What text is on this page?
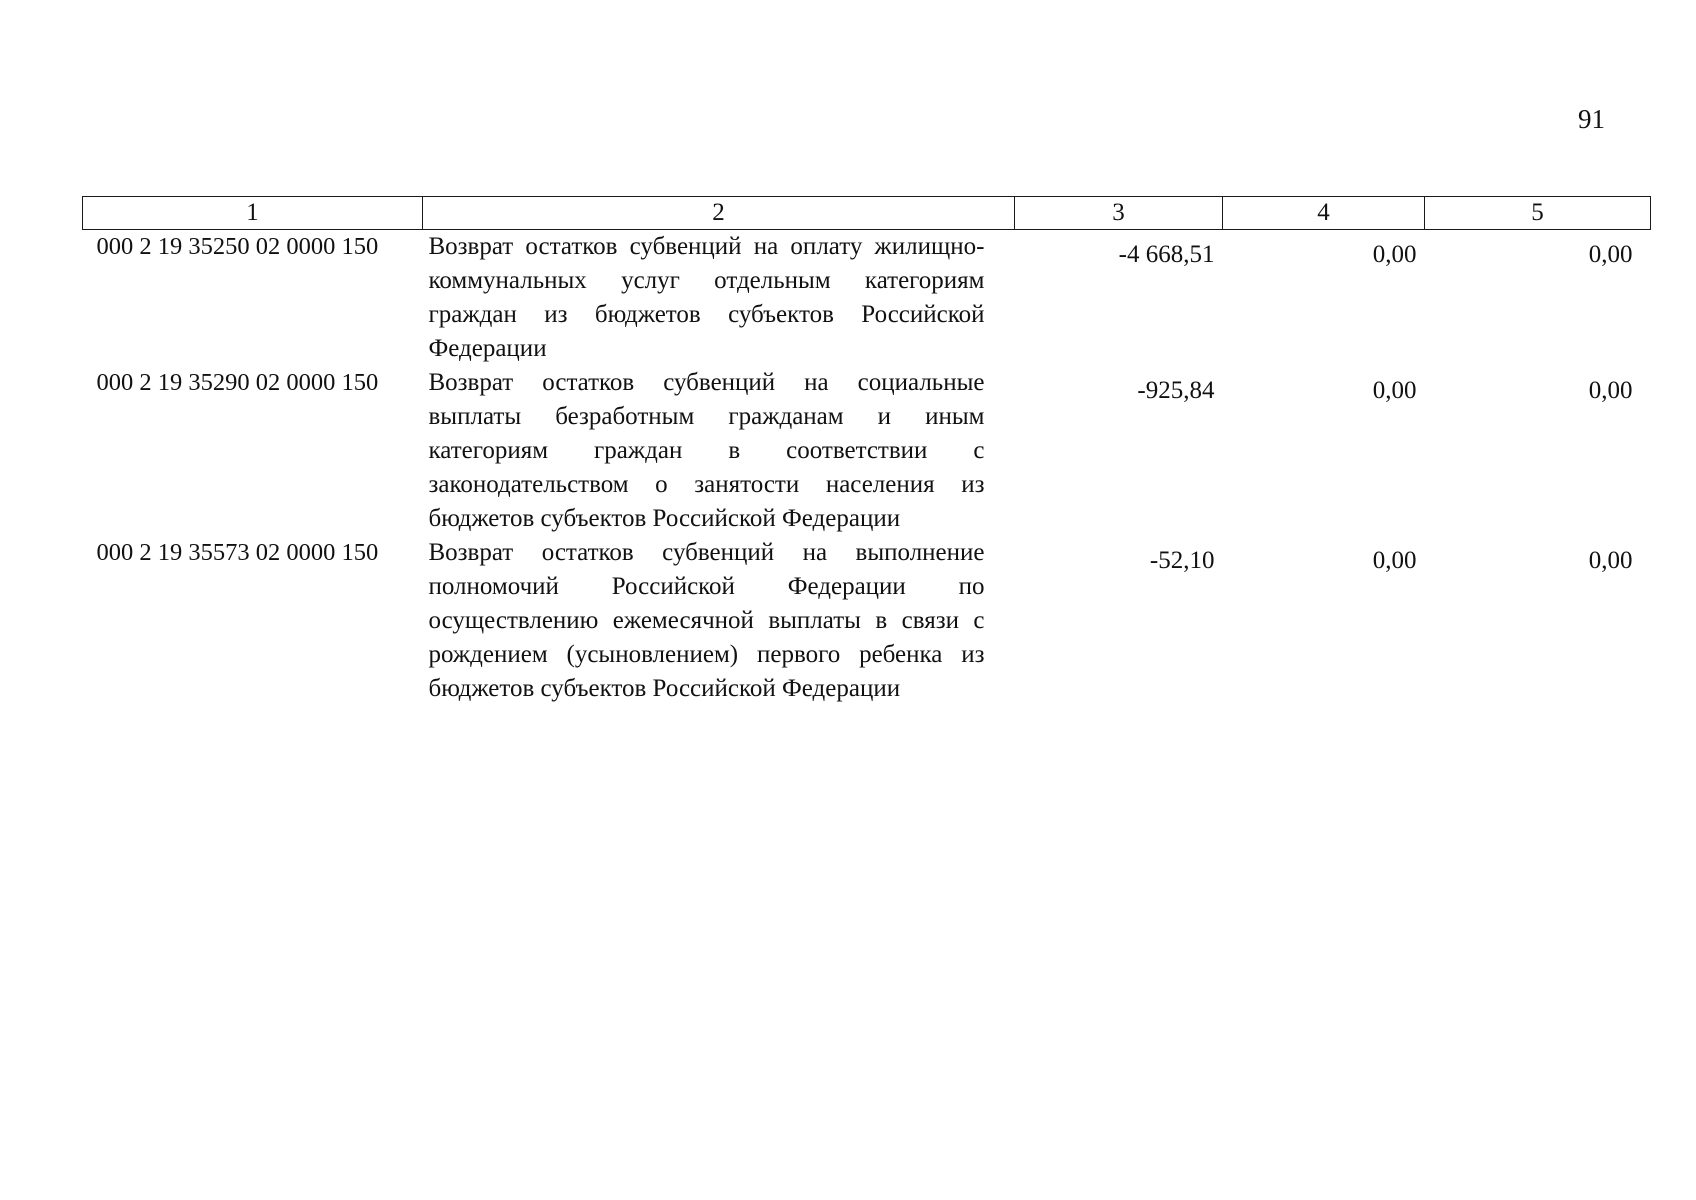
91
1	2	3	4	5
000 2 19 35250 02 0000 150	Возврат остатков субвенций на оплату жилищно-коммунальных услуг отдельным категориям граждан из бюджетов субъектов Российской Федерации	-4 668,51	0,00	0,00
000 2 19 35290 02 0000 150	Возврат остатков субвенций на социальные выплаты безработным гражданам и иным категориям граждан в соответствии с законодательством о занятости населения из бюджетов субъектов Российской Федерации	-925,84	0,00	0,00
000 2 19 35573 02 0000 150	Возврат остатков субвенций на выполнение полномочий Российской Федерации по осуществлению ежемесячной выплаты в связи с рождением (усыновлением) первого ребенка из бюджетов субъектов Российской Федерации	-52,10	0,00	0,00
